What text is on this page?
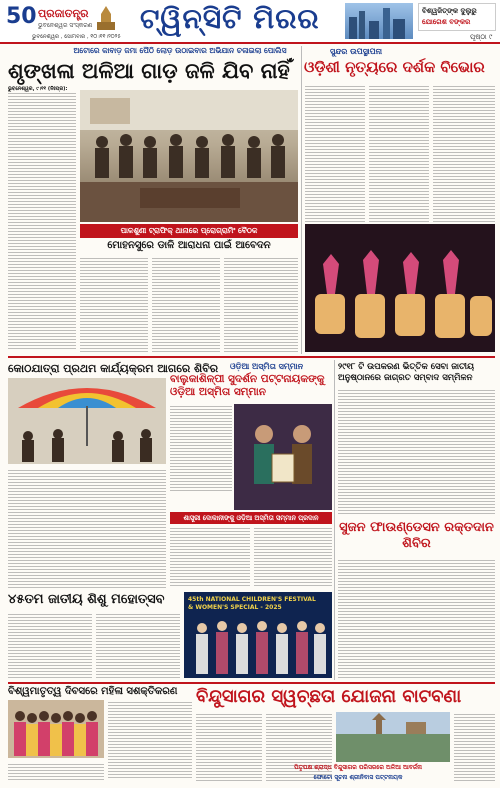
50 ପ୍ରଜାତନ୍ତ୍ର
ଭୁବନେଶ୍ୱର ସଂସ୍କରଣ
ଭୁବନେଶ୍ୱର , ସୋମବାର , ୧୦।୧୧।୨୦୨୫
ଟ୍ୱିନ୍‌ସିଟି ମିରର	ବିଶ୍ୱଜିତ୍‌ଙ୍କ ଦୁଲୁରୁ
ଯୋଗେଶ ବଙ୍କର
ପୃଷ୍ଠା ୯
ଅଟୋରେ କାବାଡ଼ ଜମା ପୈଠି ଲୋଡ଼ ଉଠାଇବାର ଅଭିଯାନ ଚଳାଇଲା ପୋଲିସ
ଶୃଙ୍ଖଳା ଅଳିଆ ଗାଡ଼ ଜଳି ଯିବ ନାହିଁ
ଭୁବନେଶ୍ୱର, ୯।୧୧ (ନିଃପ୍ର):
ପାଳଶୁଣୀ ଟ୍ରାଫିକ୍ ଥାନାରେ ପ୍ରୋଗ୍ରାମିଂ ବୈଠକ
ମୋହନସୁରେ ଡାଳି ଆରାଧନା ପାଇଁ ଆବେଦନ
ସୁନ୍ଦର ଉପସ୍ଥାପନା
ଓଡ଼ିଶୀ ନୃତ୍ୟରେ ଦର୍ଶକ ବିଭୋର
କୋଠଯାତ୍ରା ପ୍ରଥମ କାର୍ଯ୍ୟକ୍ରମ ଆଗରେ ଶିବିର ଓଡ଼ିଆ ଅସ୍ମିତା ସମ୍ମାନ
ବାଲୁକାଶିଳ୍ପୀ ସୁଦର୍ଶନ ପଟ୍ଟନାୟକଙ୍କୁ ଓଡ଼ିଆ ଅସ୍ମିତା ସମ୍ମାନ
ଶାସ୍ତ୍ରୀ ଦୋକାନୀଙ୍କୁ ଓଡ଼ିଆ ଅସ୍ମିତା ସମ୍ମାନ ପ୍ରଦାନ
୨୯୧୮ ଟି ଉପକରଣ ଭିତ୍ତିକ ସେବା ଜାତୀୟ ଅନୁଷ୍ଠାନରେ ଜାଗ୍ରତ ସମ୍ବାଦ ସମ୍ମିଳନ
ସୁଜନ ଫାଉଣ୍ଡେସନ ରକ୍ତଦାନ ଶିବିର
୪୫ତମ ଜାତୀୟ ଶିଶୁ ମହୋତ୍ସବ	45th NATIONAL CHILDREN'S FESTIVAL
& WOMEN'S SPECIAL - 2025
ବିଶ୍ୱମାତୃତ୍ୱ ଦିବସରେ ମହିଳା ସଶକ୍ତିକରଣ	ବିନ୍ଦୁସାଗର ସ୍ୱଚ୍ଛତା ଯୋଜନା ବାଟବଣା
ପିତୃପକ୍ଷ ଶ୍ରାଦ୍ଧ ବିନ୍ଦୁସାଗର ପରିସରରେ ଅଳିଆ ଆବର୍ଜନା
ଫୋଟୋ ସୂଚନା ଶ୍ରୀନିବାସ ପଟ୍ଟନାୟକ
